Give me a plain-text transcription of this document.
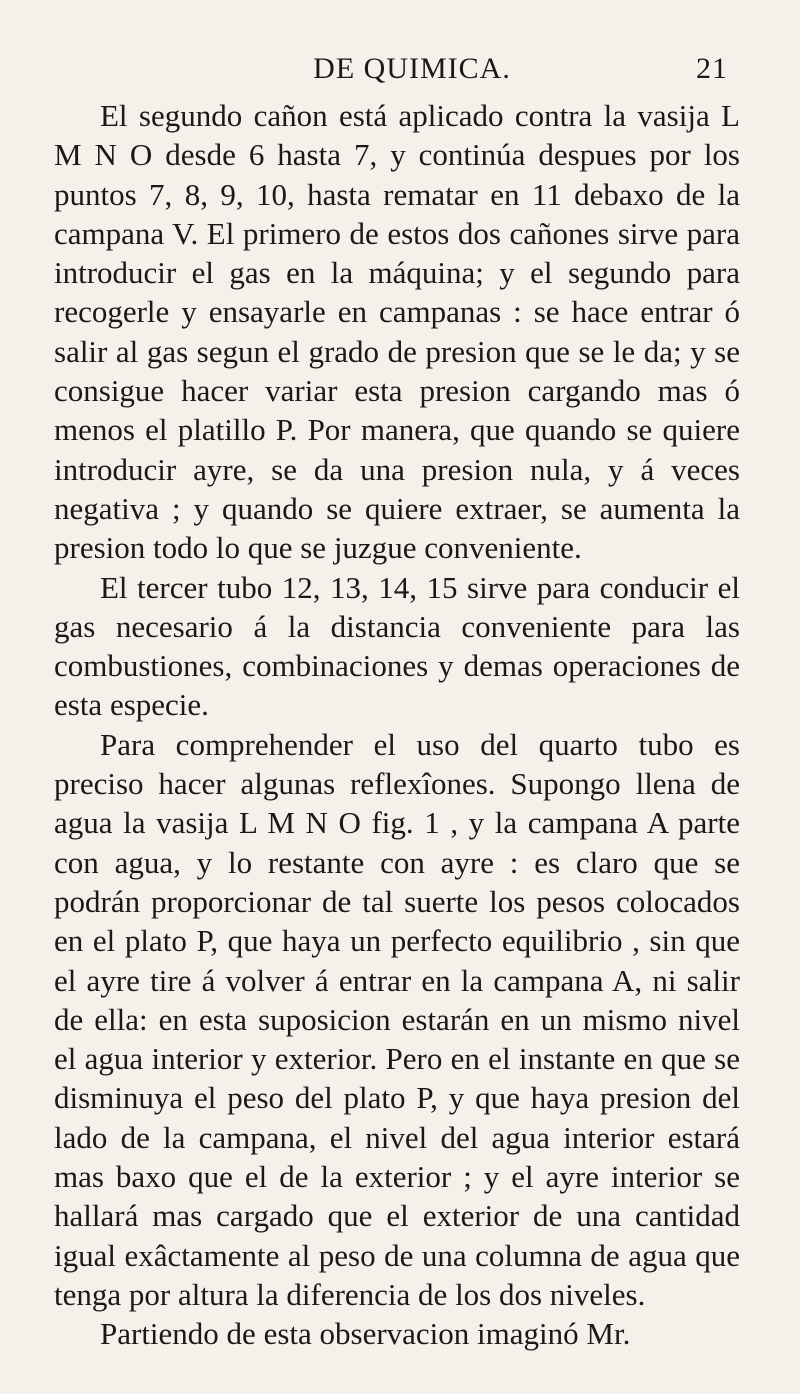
DE QUIMICA.	21

El segundo cañon está aplicado contra la vasija L M N O desde 6 hasta 7, y continúa despues por los puntos 7, 8, 9, 10, hasta rematar en 11 debaxo de la campana V. El primero de estos dos cañones sirve para introducir el gas en la máquina; y el segundo para recogerle y ensayarle en campanas : se hace entrar ó salir al gas segun el grado de presion que se le da; y se consigue hacer variar esta presion cargando mas ó menos el platillo P. Por manera, que quando se quiere introducir ayre, se da una presion nula, y á veces negativa ; y quando se quiere extraer, se aumenta la presion todo lo que se juzgue conveniente.

El tercer tubo 12, 13, 14, 15 sirve para conducir el gas necesario á la distancia conveniente para las combustiones, combinaciones y demas operaciones de esta especie.

Para comprehender el uso del quarto tubo es preciso hacer algunas reflexîones. Supongo llena de agua la vasija L M N O fig. 1 , y la campana A parte con agua, y lo restante con ayre : es claro que se podrán proporcionar de tal suerte los pesos colocados en el plato P, que haya un perfecto equilibrio , sin que el ayre tire á volver á entrar en la campana A, ni salir de ella: en esta suposicion estarán en un mismo nivel el agua interior y exterior. Pero en el instante en que se disminuya el peso del plato P, y que haya presion del lado de la campana, el nivel del agua interior estará mas baxo que el de la exterior ; y el ayre interior se hallará mas cargado que el exterior de una cantidad igual exâctamente al peso de una columna de agua que tenga por altura la diferencia de los dos niveles.

Partiendo de esta observacion imaginó Mr.
